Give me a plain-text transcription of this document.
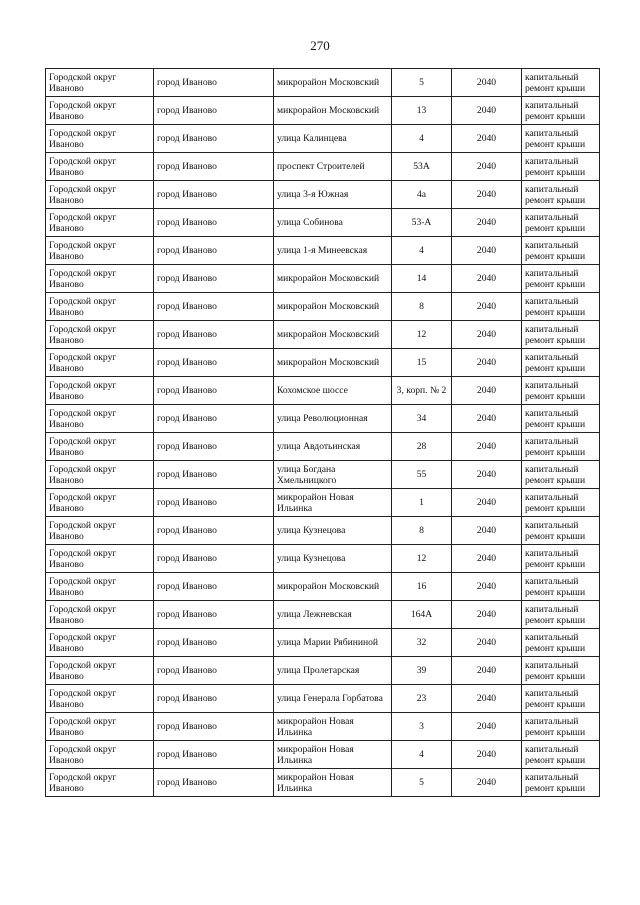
270
Городской округ Иваново	город Иваново	микрорайон Московский	5	2040	капитальный ремонт крыши
Городской округ Иваново	город Иваново	микрорайон Московский	13	2040	капитальный ремонт крыши
Городской округ Иваново	город Иваново	улица Калинцева	4	2040	капитальный ремонт крыши
Городской округ Иваново	город Иваново	проспект Строителей	53А	2040	капитальный ремонт крыши
Городской округ Иваново	город Иваново	улица 3-я Южная	4а	2040	капитальный ремонт крыши
Городской округ Иваново	город Иваново	улица Собинова	53-А	2040	капитальный ремонт крыши
Городской округ Иваново	город Иваново	улица 1-я Минеевская	4	2040	капитальный ремонт крыши
Городской округ Иваново	город Иваново	микрорайон Московский	14	2040	капитальный ремонт крыши
Городской округ Иваново	город Иваново	микрорайон Московский	8	2040	капитальный ремонт крыши
Городской округ Иваново	город Иваново	микрорайон Московский	12	2040	капитальный ремонт крыши
Городской округ Иваново	город Иваново	микрорайон Московский	15	2040	капитальный ремонт крыши
Городской округ Иваново	город Иваново	Кохомское шоссе	3, корп. № 2	2040	капитальный ремонт крыши
Городской округ Иваново	город Иваново	улица Революционная	34	2040	капитальный ремонт крыши
Городской округ Иваново	город Иваново	улица Авдотьинская	28	2040	капитальный ремонт крыши
Городской округ Иваново	город Иваново	улица Богдана Хмельницкого	55	2040	капитальный ремонт крыши
Городской округ Иваново	город Иваново	микрорайон Новая Ильинка	1	2040	капитальный ремонт крыши
Городской округ Иваново	город Иваново	улица Кузнецова	8	2040	капитальный ремонт крыши
Городской округ Иваново	город Иваново	улица Кузнецова	12	2040	капитальный ремонт крыши
Городской округ Иваново	город Иваново	микрорайон Московский	16	2040	капитальный ремонт крыши
Городской округ Иваново	город Иваново	улица Лежневская	164А	2040	капитальный ремонт крыши
Городской округ Иваново	город Иваново	улица Марии Рябининой	32	2040	капитальный ремонт крыши
Городской округ Иваново	город Иваново	улица Пролетарская	39	2040	капитальный ремонт крыши
Городской округ Иваново	город Иваново	улица Генерала Горбатова	23	2040	капитальный ремонт крыши
Городской округ Иваново	город Иваново	микрорайон Новая Ильинка	3	2040	капитальный ремонт крыши
Городской округ Иваново	город Иваново	микрорайон Новая Ильинка	4	2040	капитальный ремонт крыши
Городской округ Иваново	город Иваново	микрорайон Новая Ильинка	5	2040	капитальный ремонт крыши
